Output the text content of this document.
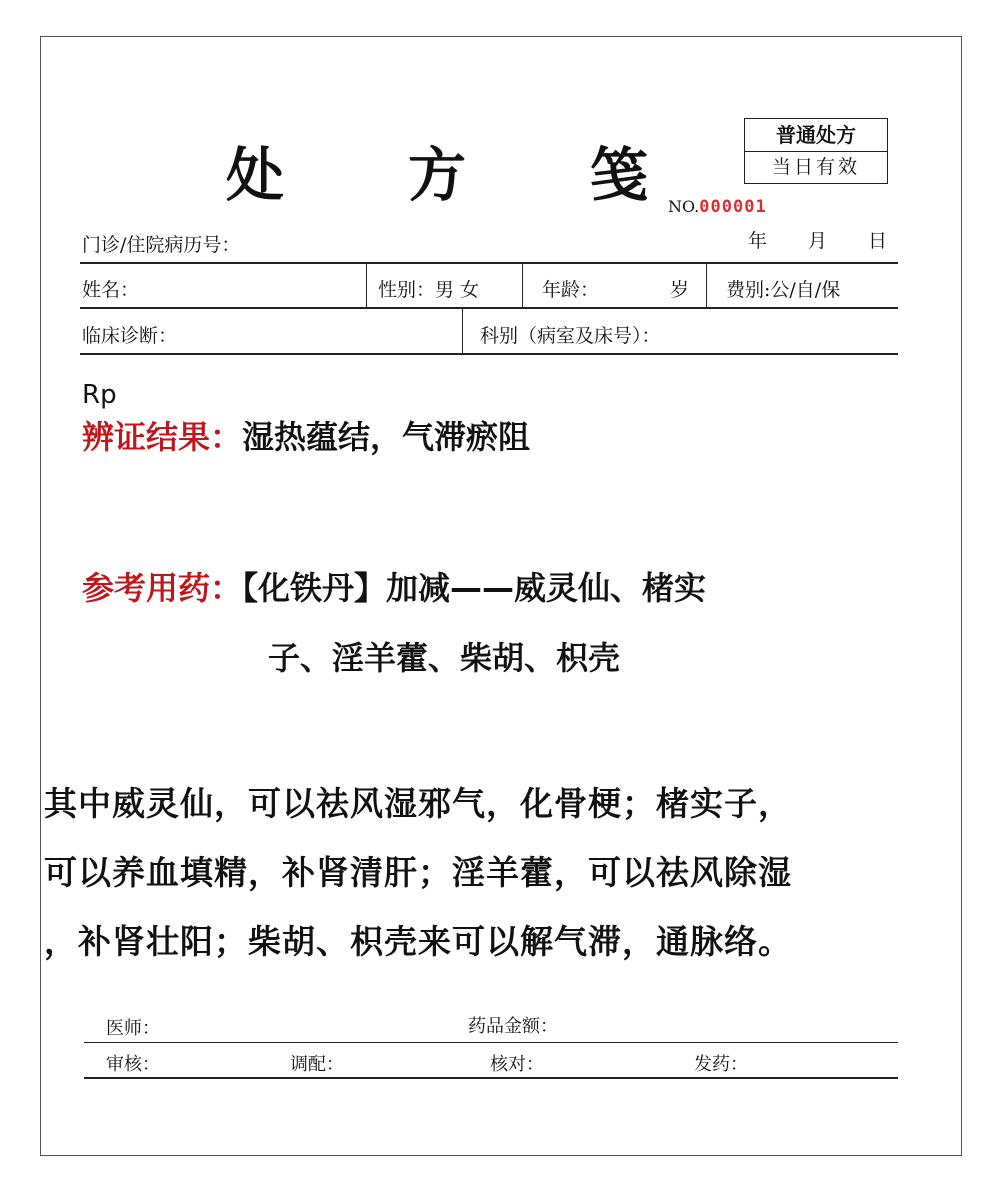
处 方 笺
普通处方
当日有效
NO.000001
门诊/住院病历号：	年 月 日
姓名：	性别：男 女	年龄：	岁 费别:公/自/保
临床诊断：	科别（病室及床号）：
Rp
辨证结果：湿热蕴结，气滞瘀阻
参考用药：【化铁丹】加减——威灵仙、楮实
子、淫羊藿、柴胡、枳壳
其中威灵仙，可以祛风湿邪气，化骨梗；楮实子，
可以养血填精，补肾清肝；淫羊藿，可以祛风除湿
，补肾壮阳；柴胡、枳壳来可以解气滞，通脉络。
医师：	药品金额：
审核：	调配：	核对：	发药：
